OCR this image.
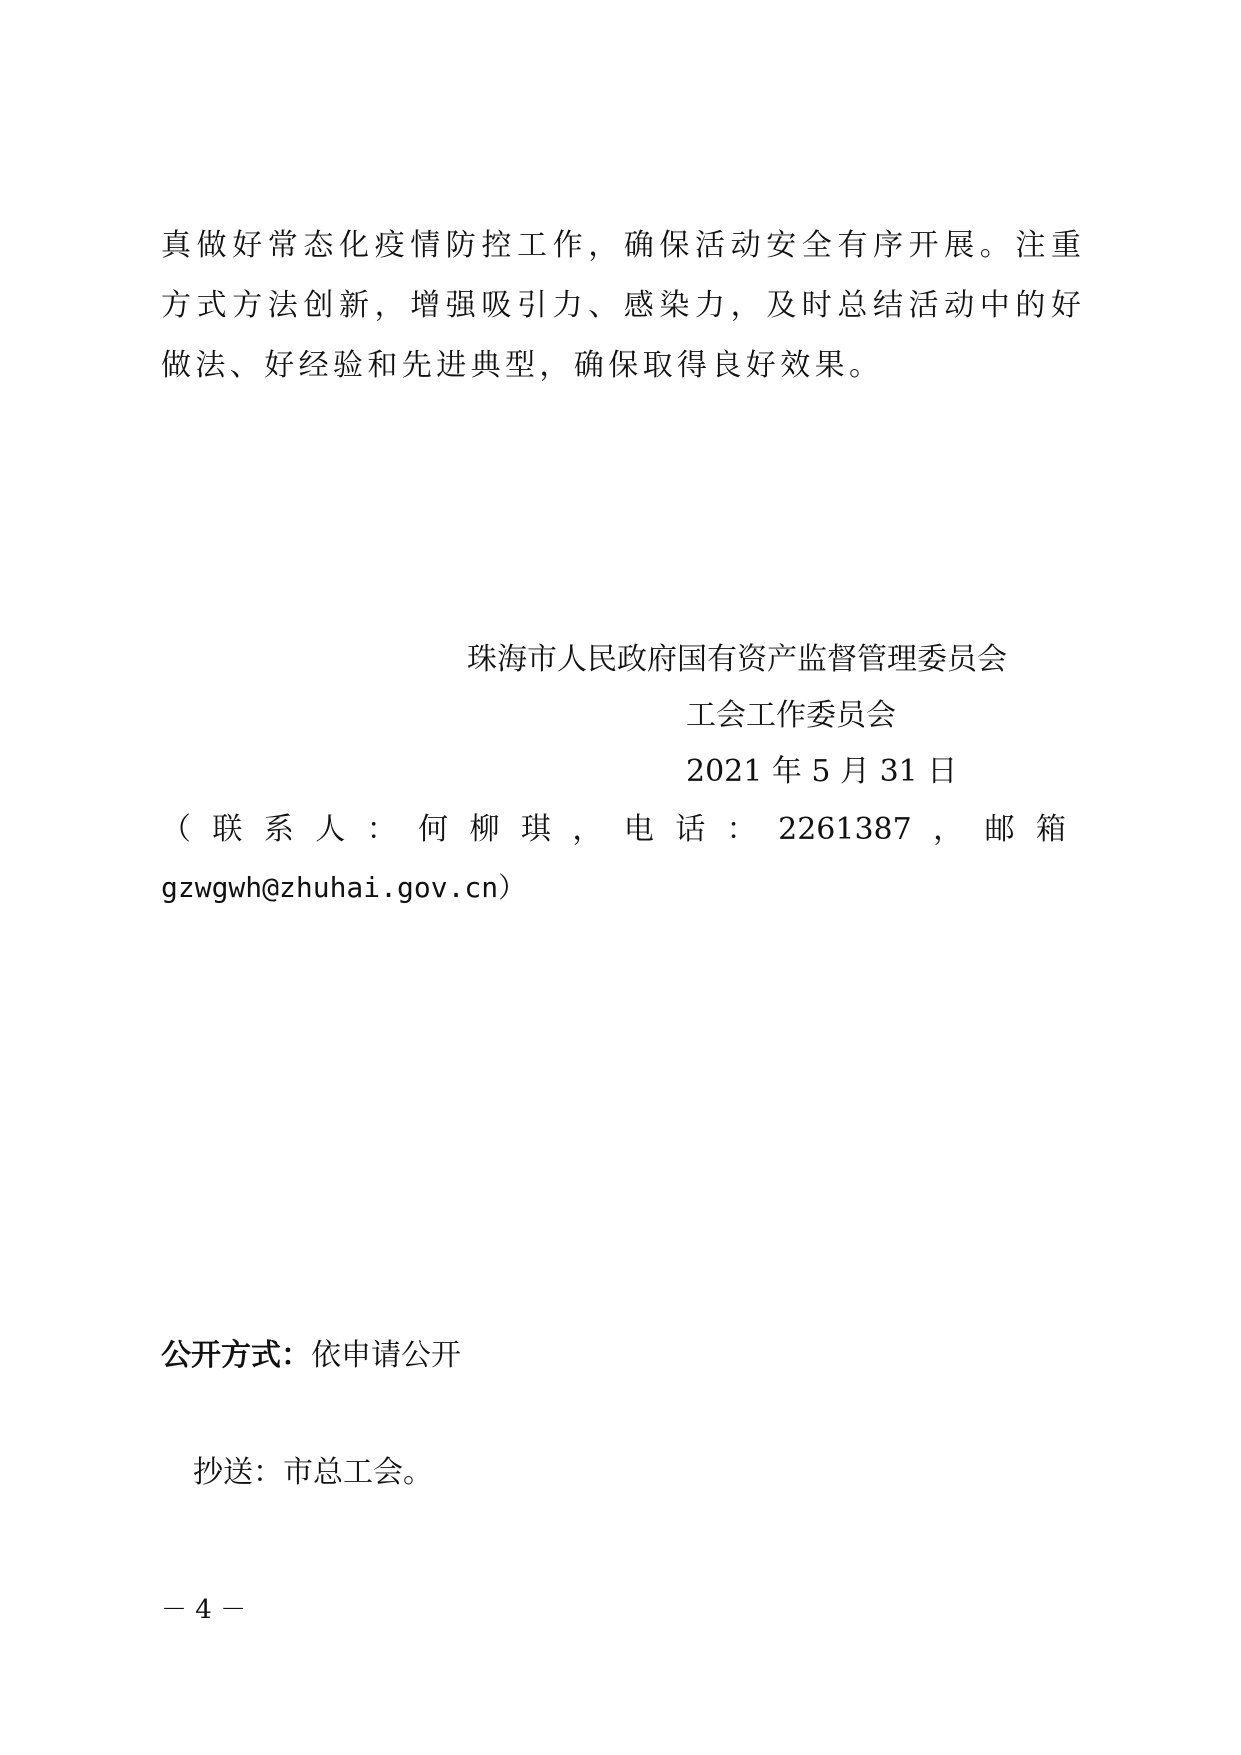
真做好常态化疫情防控工作，确保活动安全有序开展。注重
方式方法创新，增强吸引力、感染力，及时总结活动中的好
做法、好经验和先进典型，确保取得良好效果。
珠海市人民政府国有资产监督管理委员会
工会工作委员会
2021 年 5 月 31 日
（联系人：何柳琪，电话：2261387，邮箱
gzwgwh@zhuhai.gov.cn）
公开方式：依申请公开
抄送：市总工会。
－ 4 －
